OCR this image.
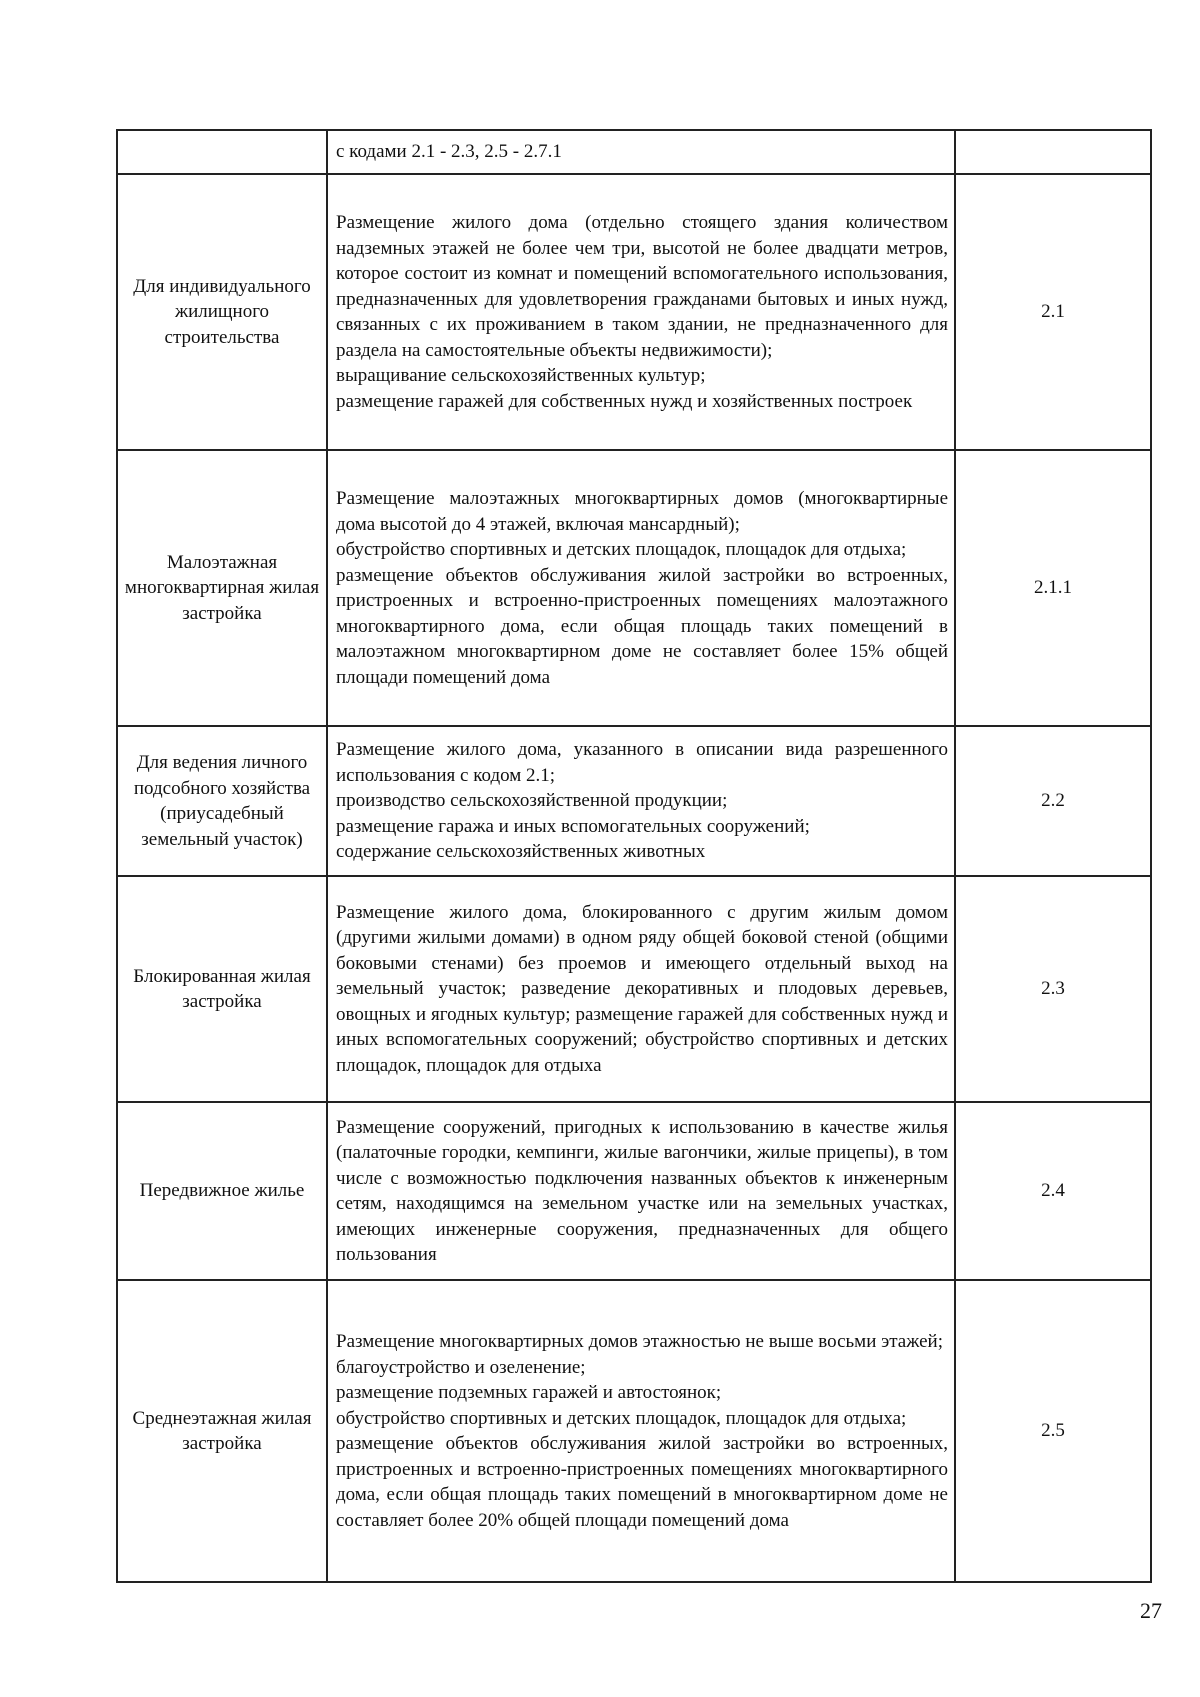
	с кодами 2.1 - 2.3, 2.5 - 2.7.1	

Для индивидуального жилищного строительства	Размещение жилого дома (отдельно стоящего здания количеством надземных этажей не более чем три, высотой не более двадцати метров, которое состоит из комнат и помещений вспомогательного использования, предназначенных для удовлетворения гражданами бытовых и иных нужд, связанных с их проживанием в таком здании, не предназначенного для раздела на самостоятельные объекты недвижимости);
выращивание сельскохозяйственных культур;
размещение гаражей для собственных нужд и хозяйственных построек	2.1
Малоэтажная многоквартирная жилая застройка	Размещение малоэтажных многоквартирных домов (многоквартирные дома высотой до 4 этажей, включая мансардный);
обустройство спортивных и детских площадок, площадок для отдыха;
размещение объектов обслуживания жилой застройки во встроенных, пристроенных и встроенно-пристроенных помещениях малоэтажного многоквартирного дома, если общая площадь таких помещений в малоэтажном многоквартирном доме не составляет более 15% общей площади помещений дома	2.1.1
Для ведения личного подсобного хозяйства (приусадебный земельный участок)	Размещение жилого дома, указанного в описании вида разрешенного использования с кодом 2.1;
производство сельскохозяйственной продукции;
размещение гаража и иных вспомогательных сооружений;
содержание сельскохозяйственных животных	2.2
Блокированная жилая застройка	Размещение жилого дома, блокированного с другим жилым домом (другими жилыми домами) в одном ряду общей боковой стеной (общими боковыми стенами) без проемов и имеющего отдельный выход на земельный участок; разведение декоративных и плодовых деревьев, овощных и ягодных культур; размещение гаражей для собственных нужд и иных вспомогательных сооружений; обустройство спортивных и детских площадок, площадок для отдыха	2.3
Передвижное жилье	Размещение сооружений, пригодных к использованию в качестве жилья (палаточные городки, кемпинги, жилые вагончики, жилые прицепы), в том числе с возможностью подключения названных объектов к инженерным сетям, находящимся на земельном участке или на земельных участках, имеющих инженерные сооружения, предназначенных для общего пользования	2.4
Среднеэтажная жилая застройка	Размещение многоквартирных домов этажностью не выше восьми этажей;
благоустройство и озеленение;
размещение подземных гаражей и автостоянок;
обустройство спортивных и детских площадок, площадок для отдыха;
размещение объектов обслуживания жилой застройки во встроенных, пристроенных и встроенно-пристроенных помещениях многоквартирного дома, если общая площадь таких помещений в многоквартирном доме не составляет более 20% общей площади помещений дома	2.5
27
